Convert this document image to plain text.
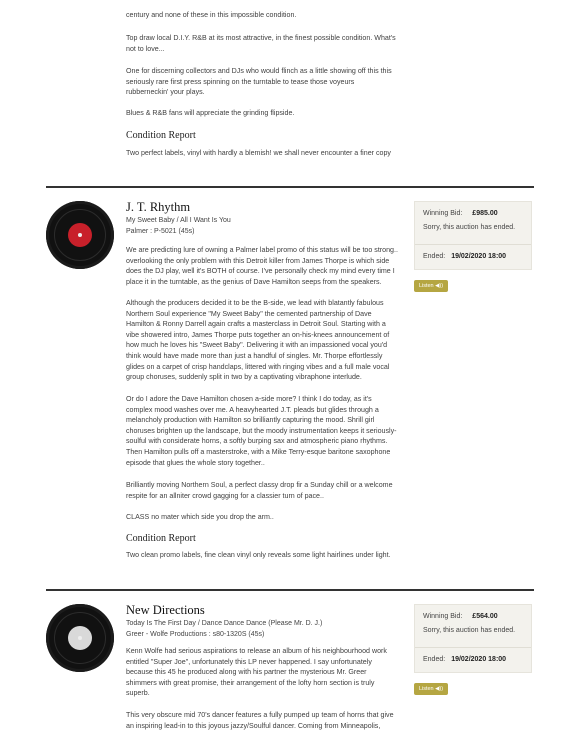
century and none of these in this impossible condition.

Top draw local D.I.Y. R&B at its most attractive, in the finest possible condition. What's not to love...

One for discerning collectors and DJs who would flinch as a little showing off this this seriously rare first press spinning on the turntable to tease those voyeurs rubberneckin' your plays.

Blues & R&B fans will appreciate the grinding flipside.

Condition Report

Two perfect labels, vinyl with hardly a blemish! we shall never encounter a finer copy

J. T. Rhythm
My Sweet Baby / All I Want Is You
Palmer : P-5021 (45s)

We are predicting lure of owning a Palmer label promo of this status will be too strong.. overlooking the only problem with this Detroit killer from James Thorpe is which side does the DJ play, well it's BOTH of course. I've personally check my mind every time I place it in the turntable, as the genius of Dave Hamilton seeps from the speakers.

Although the producers decided it to be the B-side, we lead with blatantly fabulous Northern Soul experience "My Sweet Baby" the cemented partnership of Dave Hamilton & Ronny Darrell again crafts a masterclass in Detroit Soul. Starting with a vibe showered intro, James Thorpe puts together an on-his-knees announcement of how much he loves his "Sweet Baby". Delivering it with an impassioned vocal you'd think would have made more than just a handful of singles. Mr. Thorpe effortlessly glides on a carpet of crisp handclaps, littered with ringing vibes and a full male vocal group choruses, suddenly split in two by a captivating vibraphone interlude.

Or do I adore the Dave Hamilton chosen a-side more? I think I do today, as it's complex mood washes over me. A heavyhearted J.T. pleads but glides through a melancholy production with Hamilton so brilliantly capturing the mood. Shrill girl choruses brighten up the landscape, but the moody instrumentation keeps it seriously-soulful with considerate horns, a softly burping sax and atmospheric piano rhythms. Then Hamilton pulls off a masterstroke, with a Mike Terry-esque baritone saxophone episode that glues the whole story together..

Brilliantly moving Northern Soul, a perfect classy drop fir a Sunday chill or a welcome respite for an allniter crowd gagging for a classier turn of pace..

CLASS no mater which side you drop the arm..

Condition Report

Two clean promo labels, fine clean vinyl only reveals some light hairlines under light.

Winning Bid: £985.00
Sorry, this auction has ended.
Ended: 19/02/2020 18:00
Listen ◀))
New Directions
Today Is The First Day / Dance Dance Dance (Please Mr. D. J.)
Greer - Wolfe Productions : s80-1320S (45s)

Kenn Wolfe had serious aspirations to release an album of his neighbourhood work entitled "Super Joe", unfortunately this LP never happened. I say unfortunately because this 45 he produced along with his partner the mysterious Mr. Greer shimmers with great promise, their arrangement of the lofty horn section is truly superb.

This very obscure mid 70's dancer features a fully pumped up team of horns that give an inspiring lead-in to this joyous jazzy/Soulful dancer. Coming from Minneapolis,

Winning Bid: £564.00
Sorry, this auction has ended.
Ended: 19/02/2020 18:00
Listen ◀))
